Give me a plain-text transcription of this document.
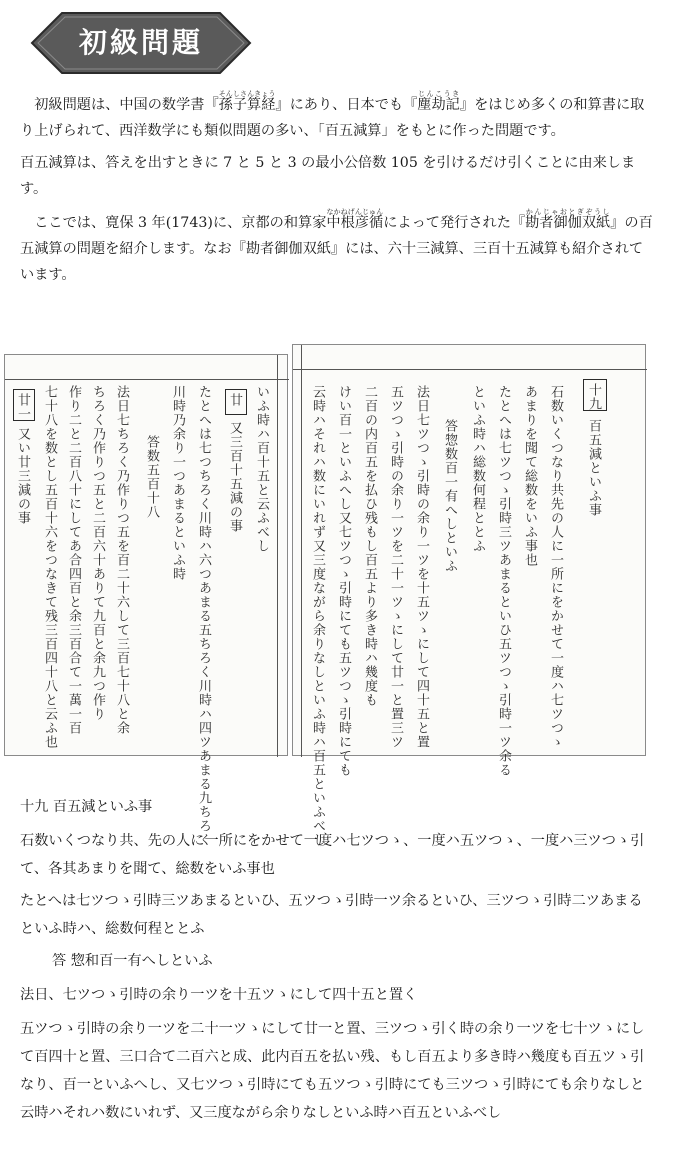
初級問題

初級問題は、中国の数学書『孫子算経そんしさんきょう』にあり、日本でも『塵劫記じんこうき』をはじめ多くの和算書に取り上げられて、西洋数学にも類似問題の多い、「百五減算」をもとに作った問題です。

百五減算は、答えを出すときに 7 と 5 と 3 の最小公倍数 105 を引けるだけ引くことに由来します。

ここでは、寛保 3 年(1743)に、京都の和算家中根彦循なかねげんじゅんによって発行された『勘者御伽双紙かんじゃおとぎぞうし』の百五減算の問題を紹介します。なお『勘者御伽双紙』には、六十三減算、三百十五減算も紹介されています。

廿一
又い廿三減の事 七十八を数とし五百十六をつなきて残三百四十八と云ふ也 作り二と二百八十にしてあ合四百と余三百合て一萬一百 ちろく乃作りつ五と二百六十ありて九百と余九つ作り 法日七ちろく乃作りつ五を百二十六して三百七十八と余 答数五百十八 川時乃余り一つあまるといふ時 たとへは七つちろく川時ハ六つあまる五ちろく川時ハ四ツあまる九ちろく 廿
又三百十五減の事 いふ時ハ百十五と云ふべし	云時ハそれハ数にいれず又三度ながら余りなしといふ時ハ百五といふべし けい百一といふへし又七ツつゝ引時にても五ツつゝ引時にても 二百の内百五を払ひ残もし百五より多き時ハ幾度も 五ツつゝ引時の余り一ツを二十一ツゝにして廿一と置三ツ 法日七ツつゝ引時の余り一ツを十五ツゝにして四十五と置 答惣数百一有へしといふ といふ時ハ総数何程ととふ たとへは七ツつゝ引時三ツあまるといひ五ツつゝ引時一ツ余る あまりを聞て総数をいふ事也 石数いくつなり共先の人に一所にをかせて一度ハ七ツつゝ 十九
百五減といふ事
十九 百五減といふ事
石数いくつなり共、先の人に一所にをかせて一度ハ七ツつゝ、一度ハ五ツつゝ、一度ハ三ツつゝ引
て、各其あまりを聞て、総数をいふ事也
たとへは七ツつゝ引時三ツあまるといひ、五ツつゝ引時一ツ余るといひ、三ツつゝ引時二ツあまる
といふ時ハ、総数何程ととふ
答 惣和百一有へしといふ
法日、七ツつゝ引時の余り一ツを十五ツゝにして四十五と置く
五ツつゝ引時の余り一ツを二十一ツゝにして廿一と置、三ツつゝ引く時の余り一ツを七十ツゝにし
て百四十と置、三口合て二百六と成、此内百五を払い残、もし百五より多き時ハ幾度も百五ツゝ引
なり、百一といふへし、又七ツつゝ引時にても五ツつゝ引時にても三ツつゝ引時にても余りなしと
云時ハそれハ数にいれず、又三度ながら余りなしといふ時ハ百五といふべし
